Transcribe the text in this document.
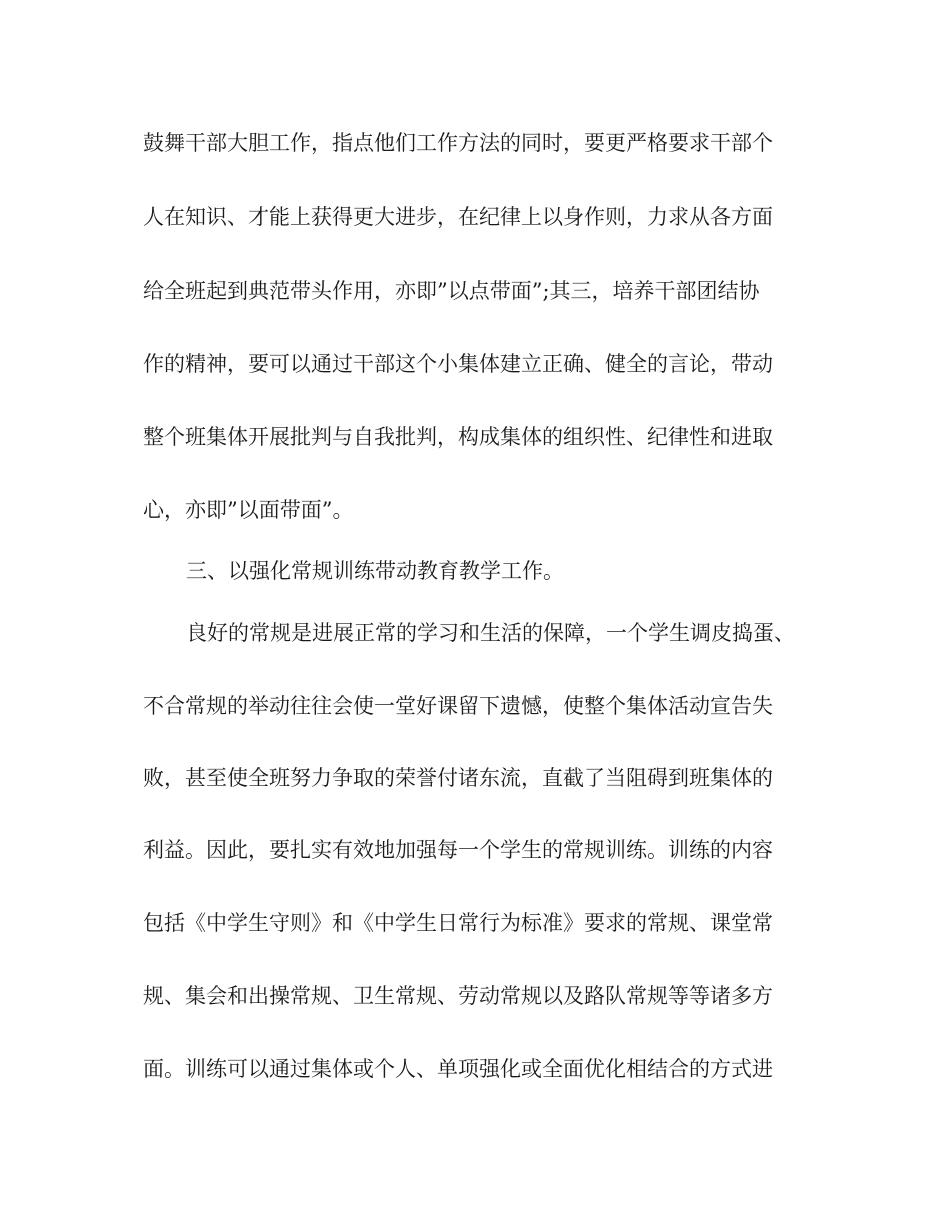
鼓舞干部大胆工作，指点他们工作方法的同时，要更严格要求干部个
人在知识、才能上获得更大进步，在纪律上以身作则，力求从各方面
给全班起到典范带头作用，亦即”以点带面”;其三，培养干部团结协
作的精神，要可以通过干部这个小集体建立正确、健全的言论，带动
整个班集体开展批判与自我批判，构成集体的组织性、纪律性和进取
心，亦即”以面带面”。
三、以强化常规训练带动教育教学工作。
良好的常规是进展正常的学习和生活的保障，一个学生调皮捣蛋、
不合常规的举动往往会使一堂好课留下遗憾，使整个集体活动宣告失
败，甚至使全班努力争取的荣誉付诸东流，直截了当阻碍到班集体的
利益。因此，要扎实有效地加强每一个学生的常规训练。训练的内容
包括《中学生守则》和《中学生日常行为标准》要求的常规、课堂常
规、集会和出操常规、卫生常规、劳动常规以及路队常规等等诸多方
面。训练可以通过集体或个人、单项强化或全面优化相结合的方式进
